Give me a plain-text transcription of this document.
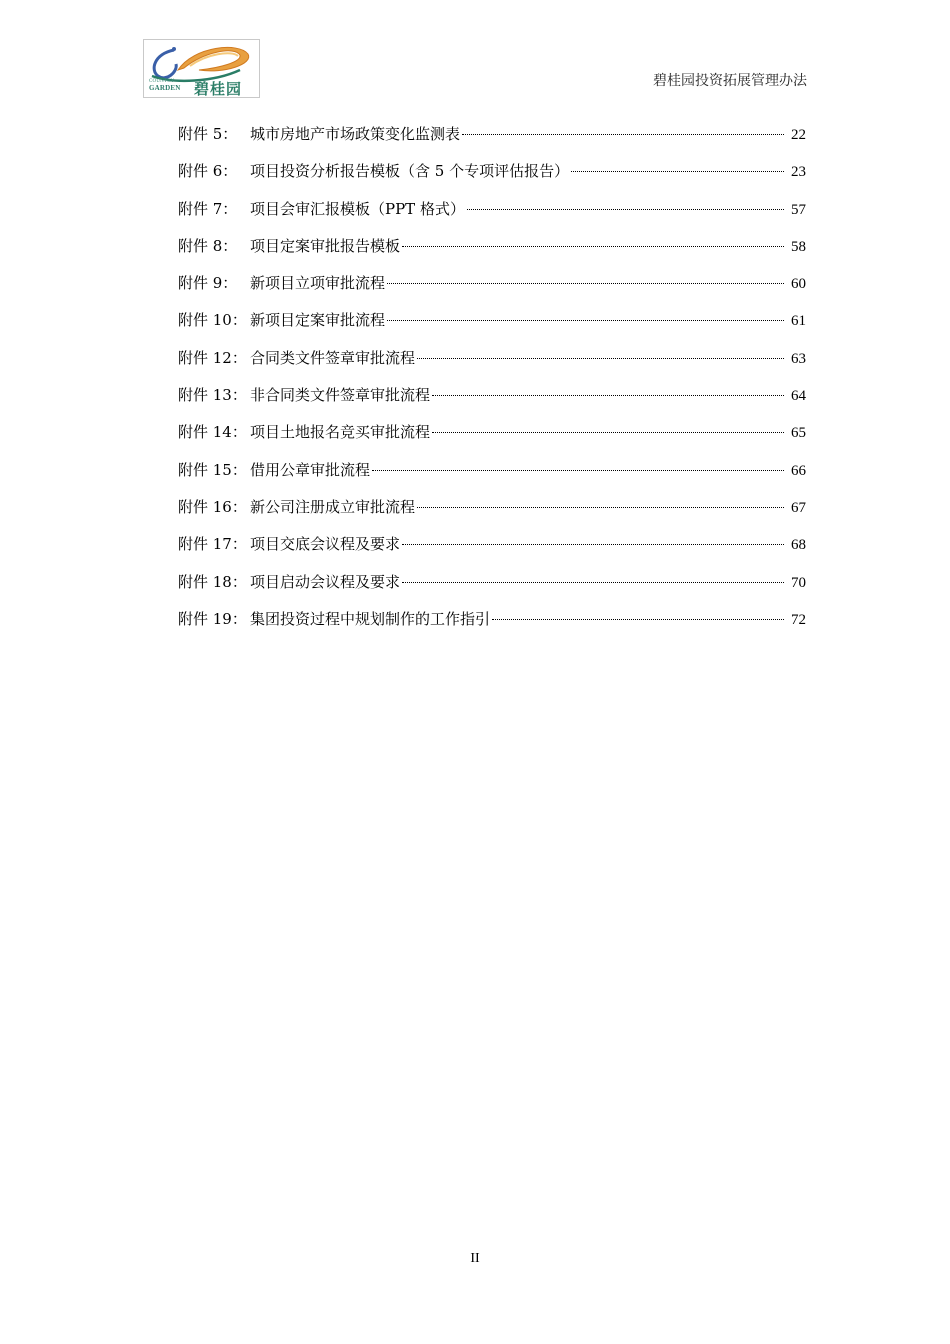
COUNTRY
GARDEN 碧桂园	碧桂园投资拓展管理办法
附件 5： 城市房地产市场政策变化监测表	22
附件 6： 项目投资分析报告模板（含 5 个专项评估报告）	23
附件 7： 项目会审汇报模板（PPT 格式）	57
附件 8： 项目定案审批报告模板	58
附件 9： 新项目立项审批流程	60
附件 10： 新项目定案审批流程	61
附件 12： 合同类文件签章审批流程	63
附件 13： 非合同类文件签章审批流程	64
附件 14： 项目土地报名竞买审批流程	65
附件 15： 借用公章审批流程	66
附件 16： 新公司注册成立审批流程	67
附件 17： 项目交底会议程及要求	68
附件 18： 项目启动会议程及要求	70
附件 19： 集团投资过程中规划制作的工作指引	72
II
